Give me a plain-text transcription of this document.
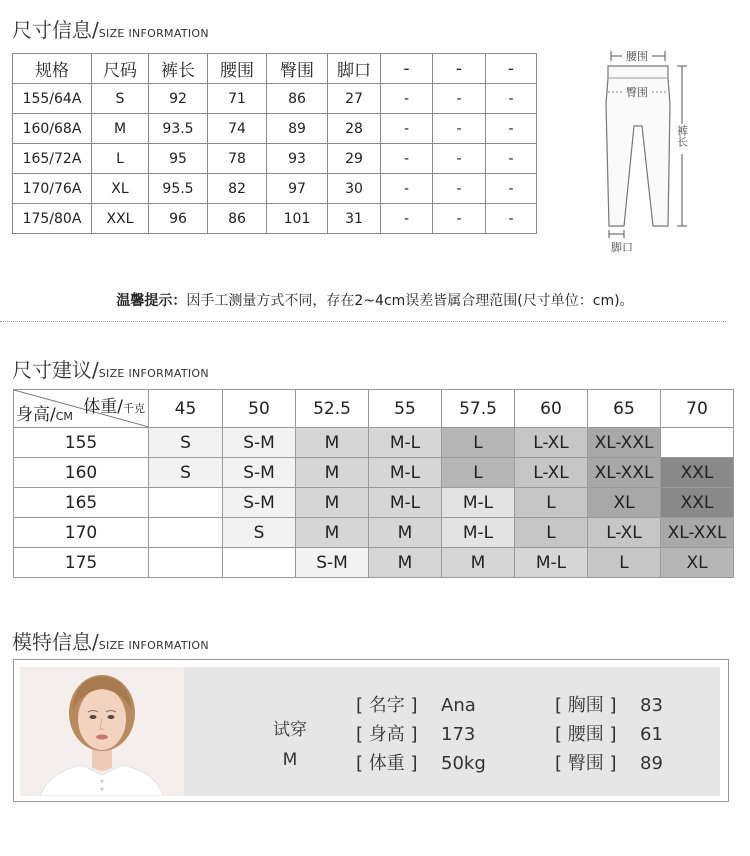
尺寸信息/SIZE INFORMATION
规格	尺码	裤长	腰围	臀围	脚口	-	-	-
155/64A	S	92	71	86	27	-	-	-
160/68A	M	93.5	74	89	28	-	-	-
165/72A	L	95	78	93	29	-	-	-
170/76A	XL	95.5	82	97	30	-	-	-
175/80A	XXL	96	86	101	31	-	-	-
腰围
臀围
裤长
脚口
温馨提示：因手工测量方式不同，存在2~4cm误差皆属合理范围(尺寸单位：cm)。
尺寸建议/SIZE INFORMATION
体重/千克
身高/CM	45	50	52.5	55	57.5	60	65	70
155	S	S-M	M	M-L	L	L-XL	XL-XXL	
160	S	S-M	M	M-L	L	L-XL	XL-XXL	XXL
165		S-M	M	M-L	M-L	L	XL	XXL
170		S	M	M	M-L	L	L-XL	XL-XXL
175			S-M	M	M	M-L	L	XL
模特信息/SIZE INFORMATION
试穿
M
[ 名字 ] Ana
[ 身高 ] 173
[ 体重 ] 50kg
[ 胸围 ] 83
[ 腰围 ] 61
[ 臀围 ] 89
